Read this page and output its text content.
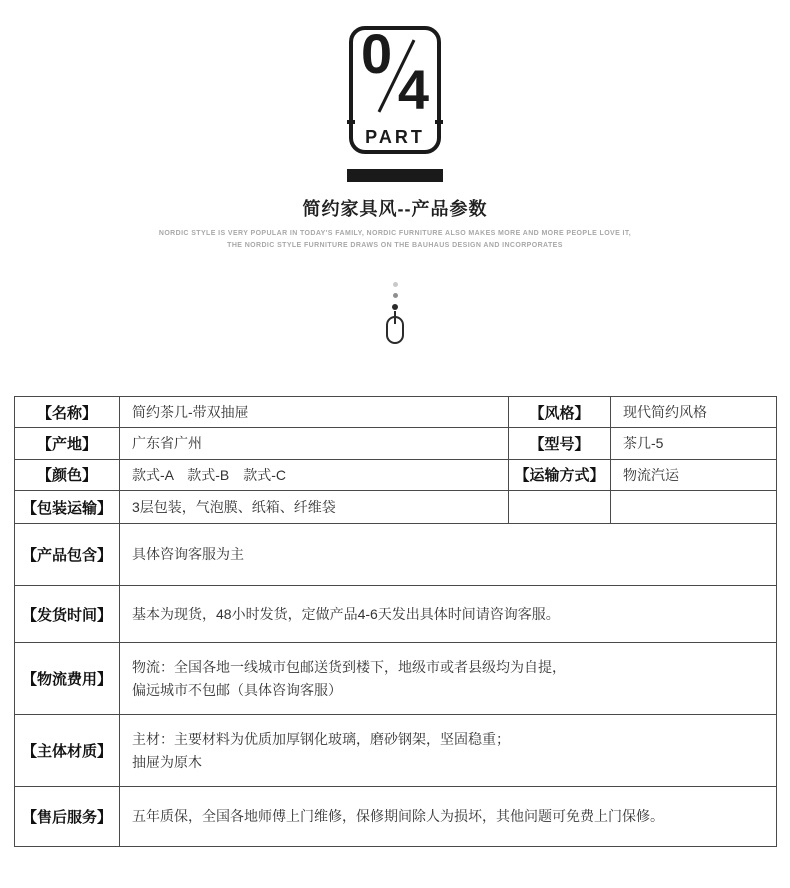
0
4
PART
简约家具风--产品参数
NORDIC STYLE IS VERY POPULAR IN TODAY'S FAMILY, NORDIC FURNITURE ALSO MAKES MORE AND MORE PEOPLE LOVE IT,
THE NORDIC STYLE FURNITURE DRAWS ON THE BAUHAUS DESIGN AND INCORPORATES
【名称】	简约茶几-带双抽屉	【风格】	现代简约风格
【产地】	广东省广州	【型号】	茶几-5
【颜色】	款式-A　款式-B　款式-C	【运输方式】	物流汽运
【包装运输】	3层包装，气泡膜、纸箱、纤维袋		
【产品包含】	具体咨询客服为主		
【发货时间】	基本为现货，48小时发货，定做产品4-6天发出具体时间请咨询客服。		
【物流费用】	物流：全国各地一线城市包邮送货到楼下，地级市或者县级均为自提，
偏远城市不包邮（具体咨询客服）		

【主体材质】	主材：主要材料为优质加厚钢化玻璃，磨砂钢架，坚固稳重；
抽屉为原木		

【售后服务】	五年质保，全国各地师傅上门维修，保修期间除人为损坏，其他问题可免费上门保修。		
